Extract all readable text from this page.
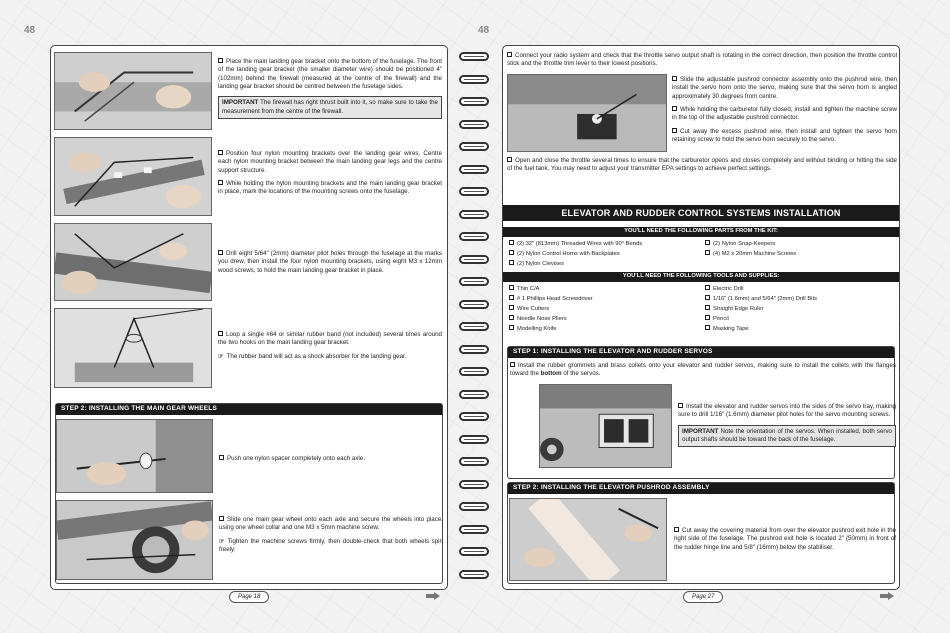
48	48

Place the main landing gear bracket onto the bottom of the fuselage. The front of the landing gear bracket (the smaller diameter wire) should be positioned 4" (102mm) behind the firewall (measured at the centre of the firewall) and the landing gear bracket should be centred between the fuselage sides.

IMPORTANT The firewall has right thrust built into it, so make sure to take the measurement from the centre of the firewall.

Position four nylon mounting brackets over the landing gear wires. Centre each nylon mounting bracket between the main landing gear legs and the centre support structure.

While holding the nylon mounting brackets and the main landing gear bracket in place, mark the locations of the mounting screws onto the fuselage.

Drill eight 5/64" (2mm) diameter pilot holes through the fuselage at the marks you drew, then install the four nylon mounting brackets, using eight M3 x 12mm wood screws, to hold the main landing gear bracket in place.

Loop a single #64 or similar rubber band (not included) several times around the two hooks on the main landing gear bracket.

☞ The rubber band will act as a shock absorber for the landing gear.

STEP 2: INSTALLING THE MAIN GEAR WHEELS

Push one nylon spacer completely onto each axle.

Slide one main gear wheel onto each axle and secure the wheels into place, using one wheel collar and one M3 x 5mm machine screw.

☞ Tighten the machine screws firmly, then double-check that both wheels spin freely.

Page 18

Connect your radio system and check that the throttle servo output shaft is rotating in the correct direction, then position the throttle control stick and the throttle trim lever to their lowest positions.

Slide the adjustable pushrod connector assembly onto the pushrod wire, then install the servo horn onto the servo, making sure that the servo horn is angled approximately 30 degrees from centre.

While holding the carburetor fully closed, install and tighten the machine screw in the top of the adjustable pushrod connector.

Cut away the excess pushrod wire, then install and tighten the servo horn retaining screw to hold the servo horn securely to the servo.

Open and close the throttle several times to ensure that the carburetor opens and closes completely and without binding or hitting the side of the fuel tank. You may need to adjust your transmitter EPA settings to achieve perfect settings.

ELEVATOR AND RUDDER CONTROL SYSTEMS INSTALLATION
YOU'LL NEED THE FOLLOWING PARTS FROM THE KIT:
(2) 32" (813mm) Threaded Wires with 90° Bends
(2) Nylon Control Horns with Backplates
(2) Nylon Clevises
(2) Nylon Snap-Keepers
(4) M2 x 20mm Machine Screws
YOU'LL NEED THE FOLLOWING TOOLS AND SUPPLIES:
Thin C/A
# 1 Phillips Head Screwdriver
Wire Cutters
Needle Nose Pliers
Modelling Knife
Electric Drill
1/16" (1.6mm) and 5/64" (2mm) Drill Bits
Straight Edge Ruler
Pencil
Masking Tape
STEP 1: INSTALLING THE ELEVATOR AND RUDDER SERVOS

Install the rubber grommets and brass collets onto your elevator and rudder servos, making sure to install the collets with the flanges toward the bottom of the servos.

Install the elevator and rudder servos into the sides of the servo tray, making sure to drill 1/16" (1.6mm) diameter pilot holes for the servo mounting screws.

IMPORTANT Note the orientation of the servos. When installed, both servo output shafts should be toward the back of the fuselage.
STEP 2: INSTALLING THE ELEVATOR PUSHROD ASSEMBLY

Cut away the covering material from over the elevator pushrod exit hole in the right side of the fuselage. The pushrod exit hole is located 2" (50mm) in front of the rudder hinge line and 5/8" (16mm) below the stabiliser.

Page 27
